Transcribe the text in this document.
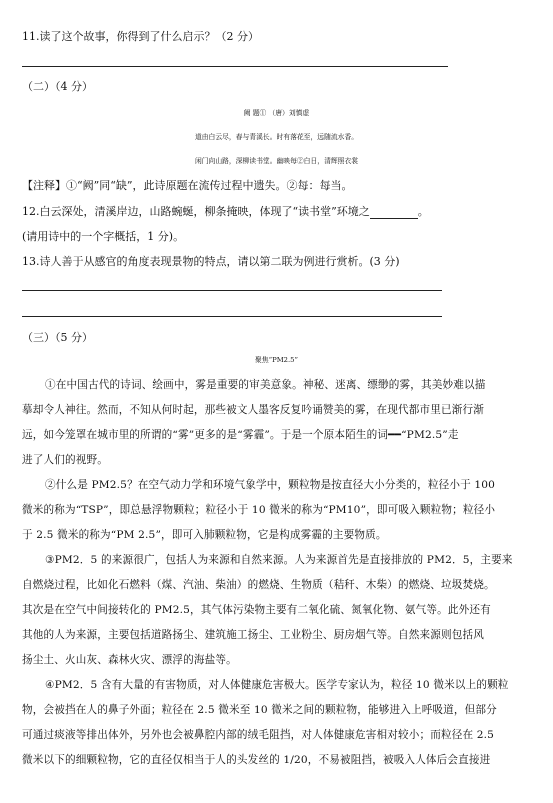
11.读了这个故事，你得到了什么启示？（2 分）
（二）（4 分）
阙 题① （唐）刘慎虚
道由白云尽，春与青溪长。时有落花至，远随流水香。
闲门向山路，深柳读书堂。幽映每②白日，清辉照衣裳
【注释】①“阙”同“缺”，此诗原题在流传过程中遗失。②每：每当。
12.白云深处，清溪岸边，山路蜿蜒，柳条掩映，体现了“读书堂”环境之	。
(请用诗中的一个字概括，1 分)。
13.诗人善于从感官的角度表现景物的特点，请以第二联为例进行赏析。(3 分)
（三）（5 分）
聚焦“PM2.5”
①在中国古代的诗词、绘画中，雾是重要的审美意象。神秘、迷离、缥缈的雾，其美妙难以描
摹却令人神往。然而，不知从何时起，那些被文人墨客反复吟诵赞美的雾，在现代都市里已渐行渐
远，如今笼罩在城市里的所谓的“雾”更多的是“雾霾”。于是一个原本陌生的词━━“PM2.5”走
进了人们的视野。
②什么是 PM2.5？在空气动力学和环境气象学中，颗粒物是按直径大小分类的，粒径小于 100
微米的称为“TSP”，即总悬浮物颗粒；粒径小于 10 微米的称为“PM10”，即可吸入颗粒物；粒径小
于 2.5 微米的称为“PM 2.5”，即可入肺颗粒物，它是构成雾霾的主要物质。
③PM2．5 的来源很广，包括人为来源和自然来源。人为来源首先是直接排放的 PM2．5，主要来
自燃烧过程，比如化石燃料（煤、汽油、柴油）的燃烧、生物质（秸秆、木柴）的燃烧、垃圾焚烧。
其次是在空气中间接转化的 PM2.5，其气体污染物主要有二氧化硫、氮氧化物、氨气等。此外还有
其他的人为来源，主要包括道路扬尘、建筑施工扬尘、工业粉尘、厨房烟气等。自然来源则包括风
扬尘土、火山灰、森林火灾、漂浮的海盐等。
④PM2．5 含有大量的有害物质，对人体健康危害极大。医学专家认为，粒径 10 微米以上的颗粒
物，会被挡在人的鼻子外面；粒径在 2.5 微米至 10 微米之间的颗粒物，能够进入上呼吸道，但部分
可通过痰液等排出体外，另外也会被鼻腔内部的绒毛阻挡，对人体健康危害相对较小；而粒径在 2.5
微米以下的细颗粒物，它的直径仅相当于人的头发丝的 1/20，不易被阻挡，被吸入人体后会直接进
